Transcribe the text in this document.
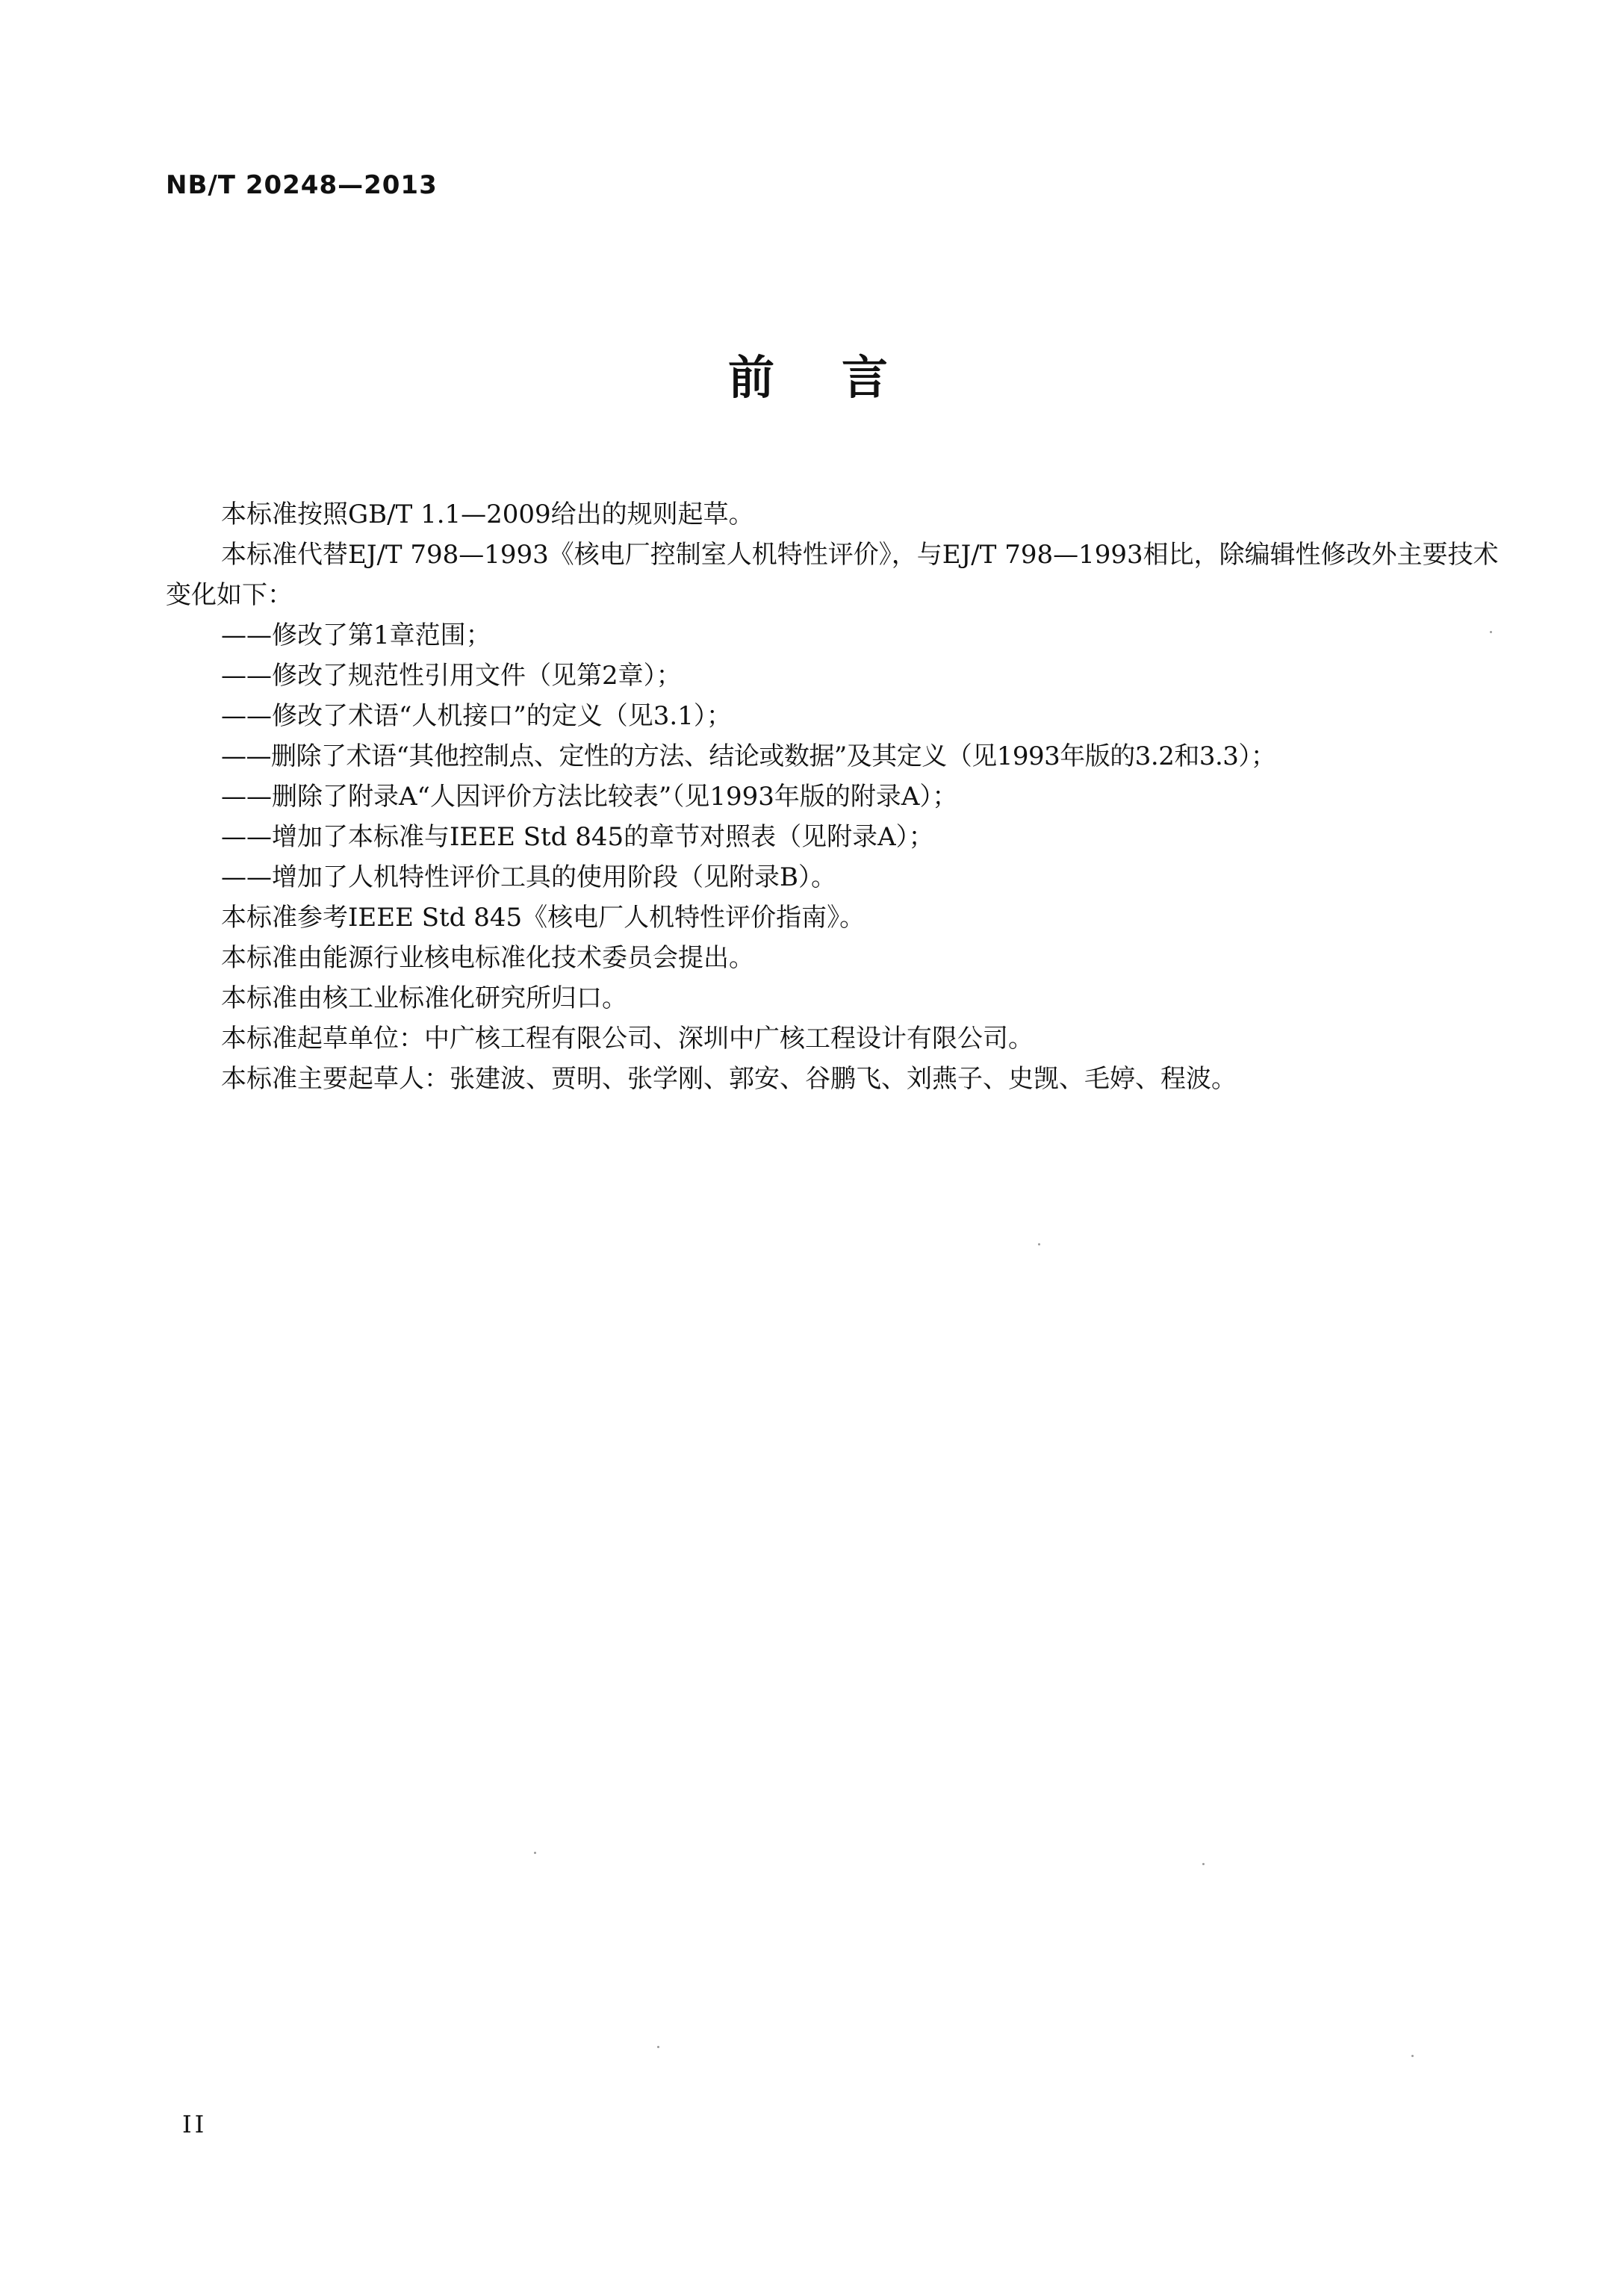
NB/T 20248—2013
前言

本标准按照GB/T 1.1—2009给出的规则起草。

本标准代替EJ/T 798—1993《核电厂控制室人机特性评价》，与EJ/T 798—1993相比，除编辑性修改外主要技术变化如下：

——修改了第1章范围；

——修改了规范性引用文件（见第2章）；

——修改了术语“人机接口”的定义（见3.1）；

——删除了术语“其他控制点、定性的方法、结论或数据”及其定义（见1993年版的3.2和3.3）；

——删除了附录A“人因评价方法比较表”（见1993年版的附录A）；

——增加了本标准与IEEE Std 845的章节对照表（见附录A）；

——增加了人机特性评价工具的使用阶段（见附录B）。

本标准参考IEEE Std 845《核电厂人机特性评价指南》。

本标准由能源行业核电标准化技术委员会提出。

本标准由核工业标准化研究所归口。

本标准起草单位：中广核工程有限公司、深圳中广核工程设计有限公司。

本标准主要起草人：张建波、贾明、张学刚、郭安、谷鹏飞、刘燕子、史觊、毛婷、程波。

II
